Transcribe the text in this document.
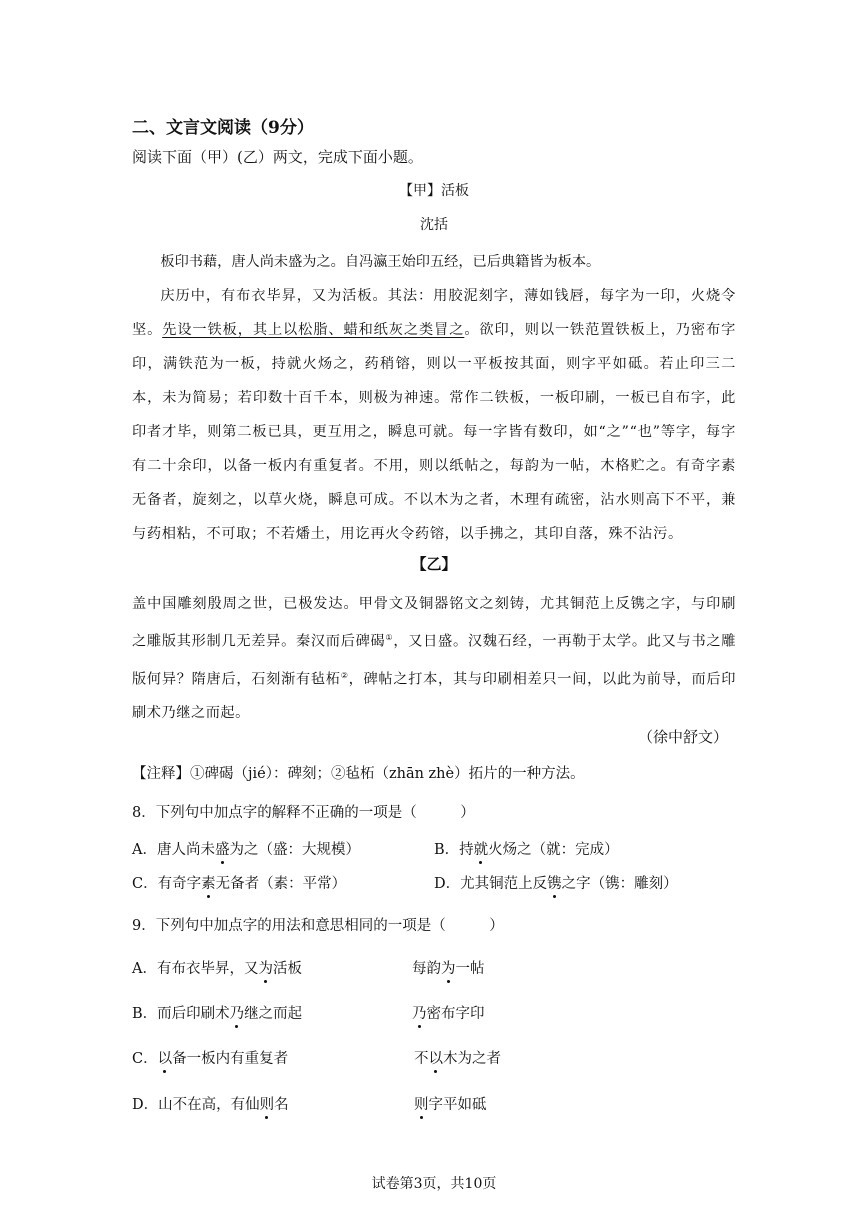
二、文言文阅读（9分）
阅读下面（甲）(乙）两文，完成下面小题。
【甲】活板
沈括
板印书藉，唐人尚未盛为之。自冯瀛王始印五经，已后典籍皆为板本。
庆历中，有布衣毕昇，又为活板。其法：用胶泥刻字，薄如钱唇，每字为一印，火烧令坚。先设一铁板，其上以松脂、蜡和纸灰之类冒之。欲印，则以一铁范置铁板上，乃密布字印，满铁范为一板，持就火炀之，药稍镕，则以一平板按其面，则字平如砥。若止印三二本，未为简易；若印数十百千本，则极为神速。常作二铁板，一板印刷，一板已自布字，此印者才毕，则第二板已具，更互用之，瞬息可就。每一字皆有数印，如“之”“也”等字，每字有二十余印，以备一板内有重复者。不用，则以纸帖之，每韵为一帖，木格贮之。有奇字素无备者，旋刻之，以草火烧，瞬息可成。不以木为之者，木理有疏密，沾水则高下不平，兼与药相粘，不可取；不若燔土，用讫再火令药镕，以手拂之，其印自落，殊不沾污。
【乙】
盖中国雕刻殷周之世，已极发达。甲骨文及铜器铭文之刻铸，尤其铜范上反镌之字，与印刷之雕版其形制几无差异。秦汉而后碑碣①，又日盛。汉魏石经，一再勒于太学。此又与书之雕版何异？隋唐后，石刻渐有毡柘②，碑帖之打本，其与印刷相差只一间，以此为前导，而后印刷术乃继之而起。
（徐中舒文）
【注释】①碑碣（jié）：碑刻；②毡柘（zhān zhè）拓片的一种方法。
8．下列句中加点字的解释不正确的一项是（　　　）
A．唐人尚未盛为之（盛：大规模）	B．持就火炀之（就：完成）
C．有奇字素无备者（素：平常）	D．尤其铜范上反镌之字（镌：雕刻）
9．下列句中加点字的用法和意思相同的一项是（　　　）
A．有布衣毕昇，又为活板	每韵为一帖
B．而后印刷术乃继之而起	乃密布字印
C．以备一板内有重复者	不以木为之者
D．山不在高，有仙则名	则字平如砥
试卷第3页，共10页
